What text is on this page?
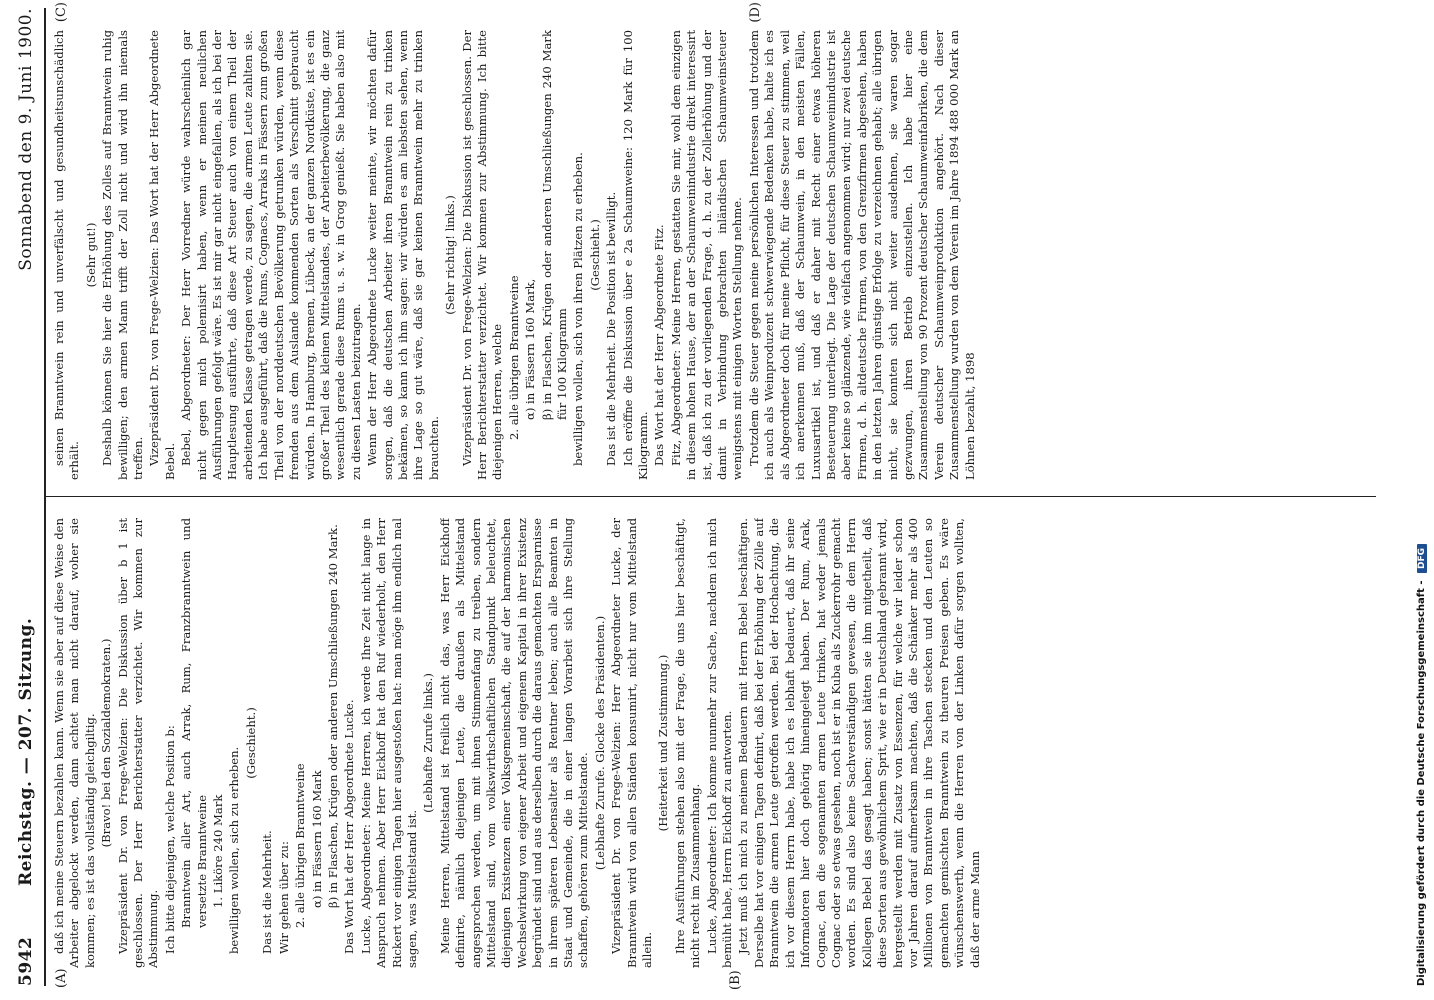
5942
Reichstag. — 207. Sitzung.
Sonnabend den 9. Juni 1900.
(A)	(B)
(C)	(D)

daß ich meine Steuern bezahlen kann. Wenn sie aber auf diese Weise den Arbeiter abgelockt werden, dann achtet man nicht darauf, woher sie kommen; es ist das vollständig gleichgiltig. (Bravo! bei den Sozialdemokraten.) Vizepräsident Dr. von Frege-Welzien: Die Diskussion über b 1 ist geschlossen. Der Herr Berichterstatter verzichtet. Wir kommen zur Abstimmung. Ich bitte diejenigen, welche Position b: Branntwein aller Art, auch Arrak, Rum, Franzbranntwein und versetzte Branntweine 1. Liköre 240 Mark bewilligen wollen, sich zu erheben.

(Geschieht.)

Das ist die Mehrheit. Wir gehen über zu: 2. alle übrigen Branntweine α) in Fässern 160 Mark β) in Flaschen, Krügen oder anderen Umschließungen 240 Mark. Das Wort hat der Herr Abgeordnete Lucke. Lucke, Abgeordneter: Meine Herren, ich werde Ihre Zeit nicht lange in Anspruch nehmen. Aber Herr Eickhoff hat den Ruf wiederholt, den Herr Rickert vor einigen Tagen hier ausgestoßen hat: man möge ihm endlich mal sagen, was Mittelstand ist.

(Lebhafte Zurufe links.) Meine Herren, Mittelstand ist freilich nicht das, was Herr Eickhoff definirte, nämlich diejenigen Leute, die draußen als Mittelstand angesprochen werden, um mit ihnen Stimmenfang zu treiben, sondern Mittelstand sind, vom volkswirthschaftlichen Standpunkt beleuchtet, diejenigen Existenzen einer Volksgemeinschaft, die auf der harmonischen Wechselwirkung von eigener Arbeit und eigenem Kapital in ihrer Existenz begründet sind und aus derselben durch die daraus gemachten Ersparnisse in ihrem späteren Lebensalter als Rentner leben; auch alle Beamten in Staat und Gemeinde, die in einer langen Vorarbeit sich ihre Stellung schaffen, gehören zum Mittelstande. (Lebhafte Zurufe. Glocke des Präsidenten.) Vizepräsident Dr. von Frege-Welzien: Herr Abgeordneter Lucke, der Branntwein wird von allen Ständen konsumirt, nicht nur vom Mittelstand allein.

(Heiterkeit und Zustimmung.) Ihre Ausführungen stehen also mit der Frage, die uns hier beschäftigt, nicht recht im Zusammenhang. Lucke, Abgeordneter: Ich komme nunmehr zur Sache, nachdem ich mich bemüht habe, Herrn Eickhoff zu antworten. Jetzt muß ich mich zu meinem Bedauern mit Herrn Bebel beschäftigen. Derselbe hat vor einigen Tagen definirt, daß bei der Erhöhung der Zölle auf Branntwein die armen Leute getroffen werden. Bei der Hochachtung, die ich vor diesem Herrn habe, habe ich es lebhaft bedauert, daß ihr seine Informatoren hier doch gehörig hineingelegt haben. Der Rum, Arak, Cognac, den die sogenannten armen Leute trinken, hat weder jemals Cognac oder so etwas gesehen, noch ist er in Kuba als Zuckerrohr gemacht worden. Es sind also keine Sachverständigen gewesen, die dem Herrn Kollegen Bebel das gesagt haben; sonst hätten sie ihm mitgetheilt, daß diese Sorten aus gewöhnlichem Sprit, wie er in Deutschland gebrannt wird, hergestellt werden mit Zusatz von Essenzen, für welche wir leider schon vor Jahren darauf aufmerksam machten, daß die Schänker mehr als 400 Millionen von Branntwein in ihre Taschen stecken und den Leuten so gemachten gemischten Branntwein zu theuren Preisen geben. Es wäre wünschenswerth, wenn die Herren von der Linken dafür sorgen wollten, daß der arme Mann

seinen Branntwein rein und unverfälscht und gesundheitsunschädlich erhält.

(Sehr gut!) Deshalb können Sie hier die Erhöhung des Zolles auf Branntwein ruhig bewilligen; den armen Mann trifft der Zoll nicht und wird ihn niemals treffen. Vizepräsident Dr. von Frege-Welzien: Das Wort hat der Herr Abgeordnete Bebel. Bebel, Abgeordneter: Der Herr Vorredner würde wahrscheinlich gar nicht gegen mich polemisirt haben, wenn er meinen neulichen Ausführungen gefolgt wäre. Es ist mir gar nicht eingefallen, als ich bei der Hauptlesung ausführte, daß diese Art Steuer auch von einem Theil der arbeitenden Klasse getragen werde, zu sagen, die armen Leute zahlten sie. Ich habe ausgeführt, daß die Rums, Cognacs, Arraks in Fässern zum großen Theil von der norddeutschen Bevölkerung getrunken würden, wenn diese fremden aus dem Auslande kommenden Sorten als Verschnitt gebraucht würden. In Hamburg, Bremen, Lübeck, an der ganzen Nordküste, ist es ein großer Theil des kleinen Mittelstandes, der Arbeiterbevölkerung, die ganz wesentlich gerade diese Rums u. s. w. in Grog genießt. Sie haben also mit zu diesen Lasten beizutragen. Wenn der Herr Abgeordnete Lucke weiter meinte, wir möchten dafür sorgen, daß die deutschen Arbeiter ihren Branntwein rein zu trinken bekämen, so kann ich ihm sagen: wir würden es am liebsten sehen, wenn ihre Lage so gut wäre, daß sie gar keinen Branntwein mehr zu trinken brauchten.

(Sehr richtig! links.) Vizepräsident Dr. von Frege-Welzien: Die Diskussion ist geschlossen. Der Herr Berichterstatter verzichtet. Wir kommen zur Abstimmung. Ich bitte diejenigen Herren, welche 2. alle übrigen Branntweine α) in Fässern 160 Mark, β) in Flaschen, Krügen oder anderen Umschließungen 240 Mark für 100 Kilogramm bewilligen wollen, sich von ihren Plätzen zu erheben. (Geschieht.) Das ist die Mehrheit. Die Position ist bewilligt. Ich eröffne die Diskussion über e 2a Schaumweine: 120 Mark für 100 Kilogramm. Das Wort hat der Herr Abgeordnete Fitz. Fitz, Abgeordneter: Meine Herren, gestatten Sie mir, wohl dem einzigen in diesem hohen Hause, der an der Schaumweinindustrie direkt interessirt ist, daß ich zu der vorliegenden Frage, d. h. zu der Zollerhöhung und der damit in Verbindung gebrachten inländischen Schaumweinsteuer wenigstens mit einigen Worten Stellung nehme. Trotzdem die Steuer gegen meine persönlichen Interessen und trotzdem ich auch als Weinproduzent schwerwiegende Bedenken habe, halte ich es als Abgeordneter doch für meine Pflicht, für diese Steuer zu stimmen, weil ich anerkennen muß, daß der Schaumwein, in den meisten Fällen, Luxusartikel ist, und daß er daher mit Recht einer etwas höheren Besteuerung unterliegt. Die Lage der deutschen Schaumweinindustrie ist aber keine so glänzende, wie vielfach angenommen wird; nur zwei deutsche Firmen, d. h. altdeutsche Firmen, von den Grenzfirmen abgesehen, haben in den letzten Jahren günstige Erfolge zu verzeichnen gehabt; alle übrigen nicht, sie konnten sich nicht weiter ausdehnen, sie waren sogar gezwungen, ihren Betrieb einzustellen. Ich habe hier eine Zusammenstellung von 90 Prozent deutscher Schaumweinfabriken, die dem Verein deutscher Schaumweinproduktion angehört. Nach dieser Zusammenstellung wurden von dem Verein im Jahre 1894 488 000 Mark an Löhnen bezahlt, 1898

Digitalisierung gefördert durch die Deutsche Forschungsgemeinschaft - DFG
